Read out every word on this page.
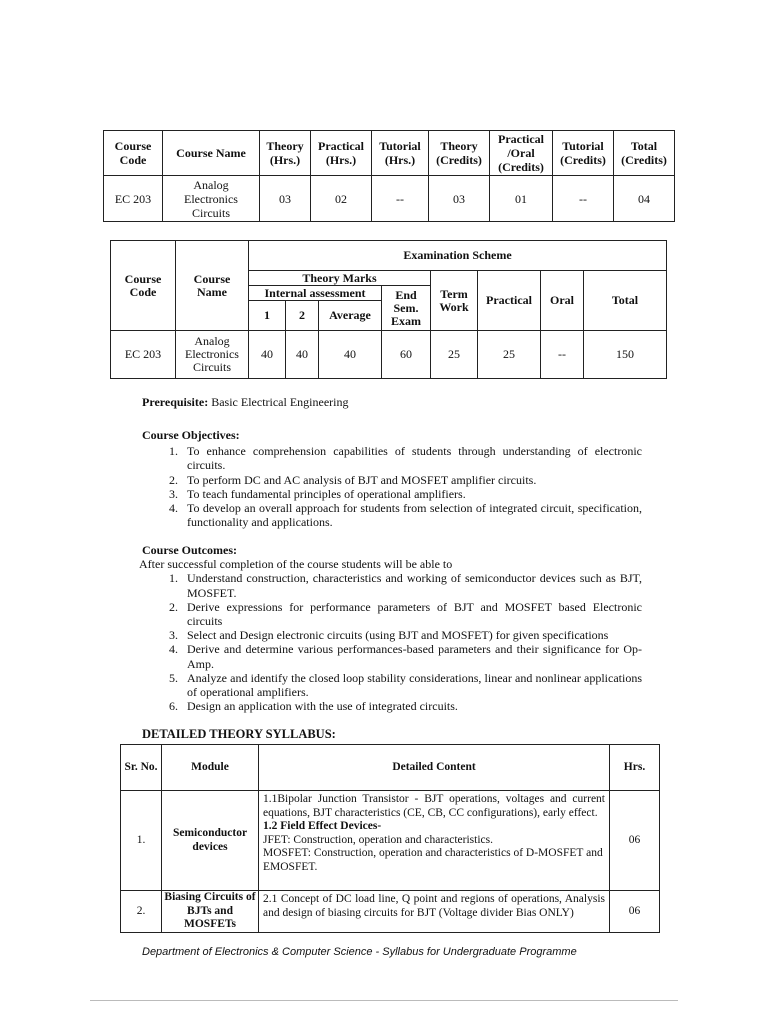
Course Code	Course Name	Theory (Hrs.)	Practical (Hrs.)	Tutorial (Hrs.)	Theory (Credits)	Practical /Oral (Credits)	Tutorial (Credits)	Total (Credits)
EC 203	Analog Electronics Circuits	03	02	--	03	01	--	04
Course Code	Course Name	Examination Scheme							
		Theory Marks				Term Work	Practical	Oral	Total
		Internal assessment			End Sem. Exam				
		1	2	Average					
EC 203	Analog Electronics Circuits	40	40	40	60	25	25	--	150

Prerequisite: Basic Electrical Engineering

Course Objectives:

1. To enhance comprehension capabilities of students through understanding of electronic circuits.
2. To perform DC and AC analysis of BJT and MOSFET amplifier circuits.
3. To teach fundamental principles of operational amplifiers.
4. To develop an overall approach for students from selection of integrated circuit, specification, functionality and applications.

Course Outcomes:

After successful completion of the course students will be able to

1. Understand construction, characteristics and working of semiconductor devices such as BJT, MOSFET.
2. Derive expressions for performance parameters of BJT and MOSFET based Electronic circuits
3. Select and Design electronic circuits (using BJT and MOSFET) for given specifications
4. Derive and determine various performances-based parameters and their significance for Op-Amp.
5. Analyze and identify the closed loop stability considerations, linear and nonlinear applications of operational amplifiers.
6. Design an application with the use of integrated circuits.
DETAILED THEORY SYLLABUS:
Sr. No.	Module	Detailed Content	Hrs.
1.	Semiconductor devices	1.1Bipolar Junction Transistor - BJT operations, voltages and current equations, BJT characteristics (CE, CB, CC configurations), early effect.
1.2 Field Effect Devices-
JFET: Construction, operation and characteristics.
MOSFET: Construction, operation and characteristics of D-MOSFET and EMOSFET.	06
2.	Biasing Circuits of BJTs and MOSFETs	2.1 Concept of DC load line, Q point and regions of operations, Analysis and design of biasing circuits for BJT (Voltage divider Bias ONLY)	06
Department of Electronics & Computer Science - Syllabus for Undergraduate Programme
